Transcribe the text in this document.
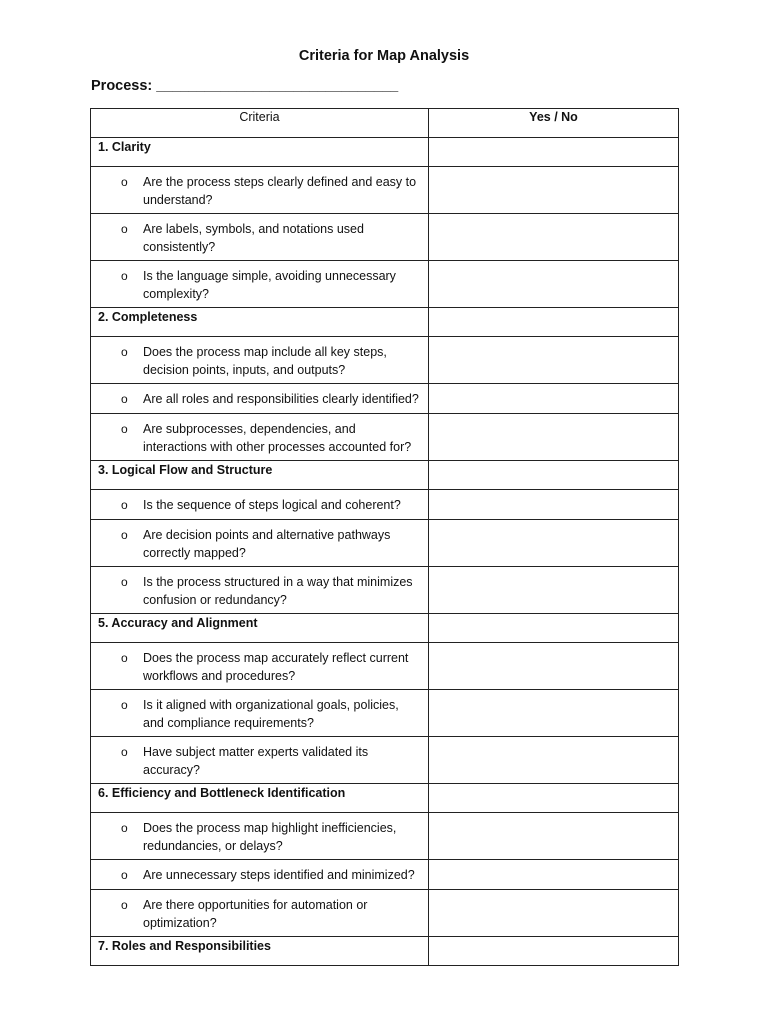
Criteria for Map Analysis
Process: ______________________________
Criteria	Yes / No

1. Clarity	

o Are the process steps clearly defined and easy to understand?	

o Are labels, symbols, and notations used consistently?	

o Is the language simple, avoiding unnecessary complexity?	

2. Completeness	

o Does the process map include all key steps, decision points, inputs, and outputs?	

o Are all roles and responsibilities clearly identified?	

o Are subprocesses, dependencies, and interactions with other processes accounted for?	

3. Logical Flow and Structure	

o Is the sequence of steps logical and coherent?	

o Are decision points and alternative pathways correctly mapped?	

o Is the process structured in a way that minimizes confusion or redundancy?	

5. Accuracy and Alignment	

o Does the process map accurately reflect current workflows and procedures?	

o Is it aligned with organizational goals, policies, and compliance requirements?	

o Have subject matter experts validated its accuracy?	

6. Efficiency and Bottleneck Identification	

o Does the process map highlight inefficiencies, redundancies, or delays?	

o Are unnecessary steps identified and minimized?	

o Are there opportunities for automation or optimization?	

7. Roles and Responsibilities	
